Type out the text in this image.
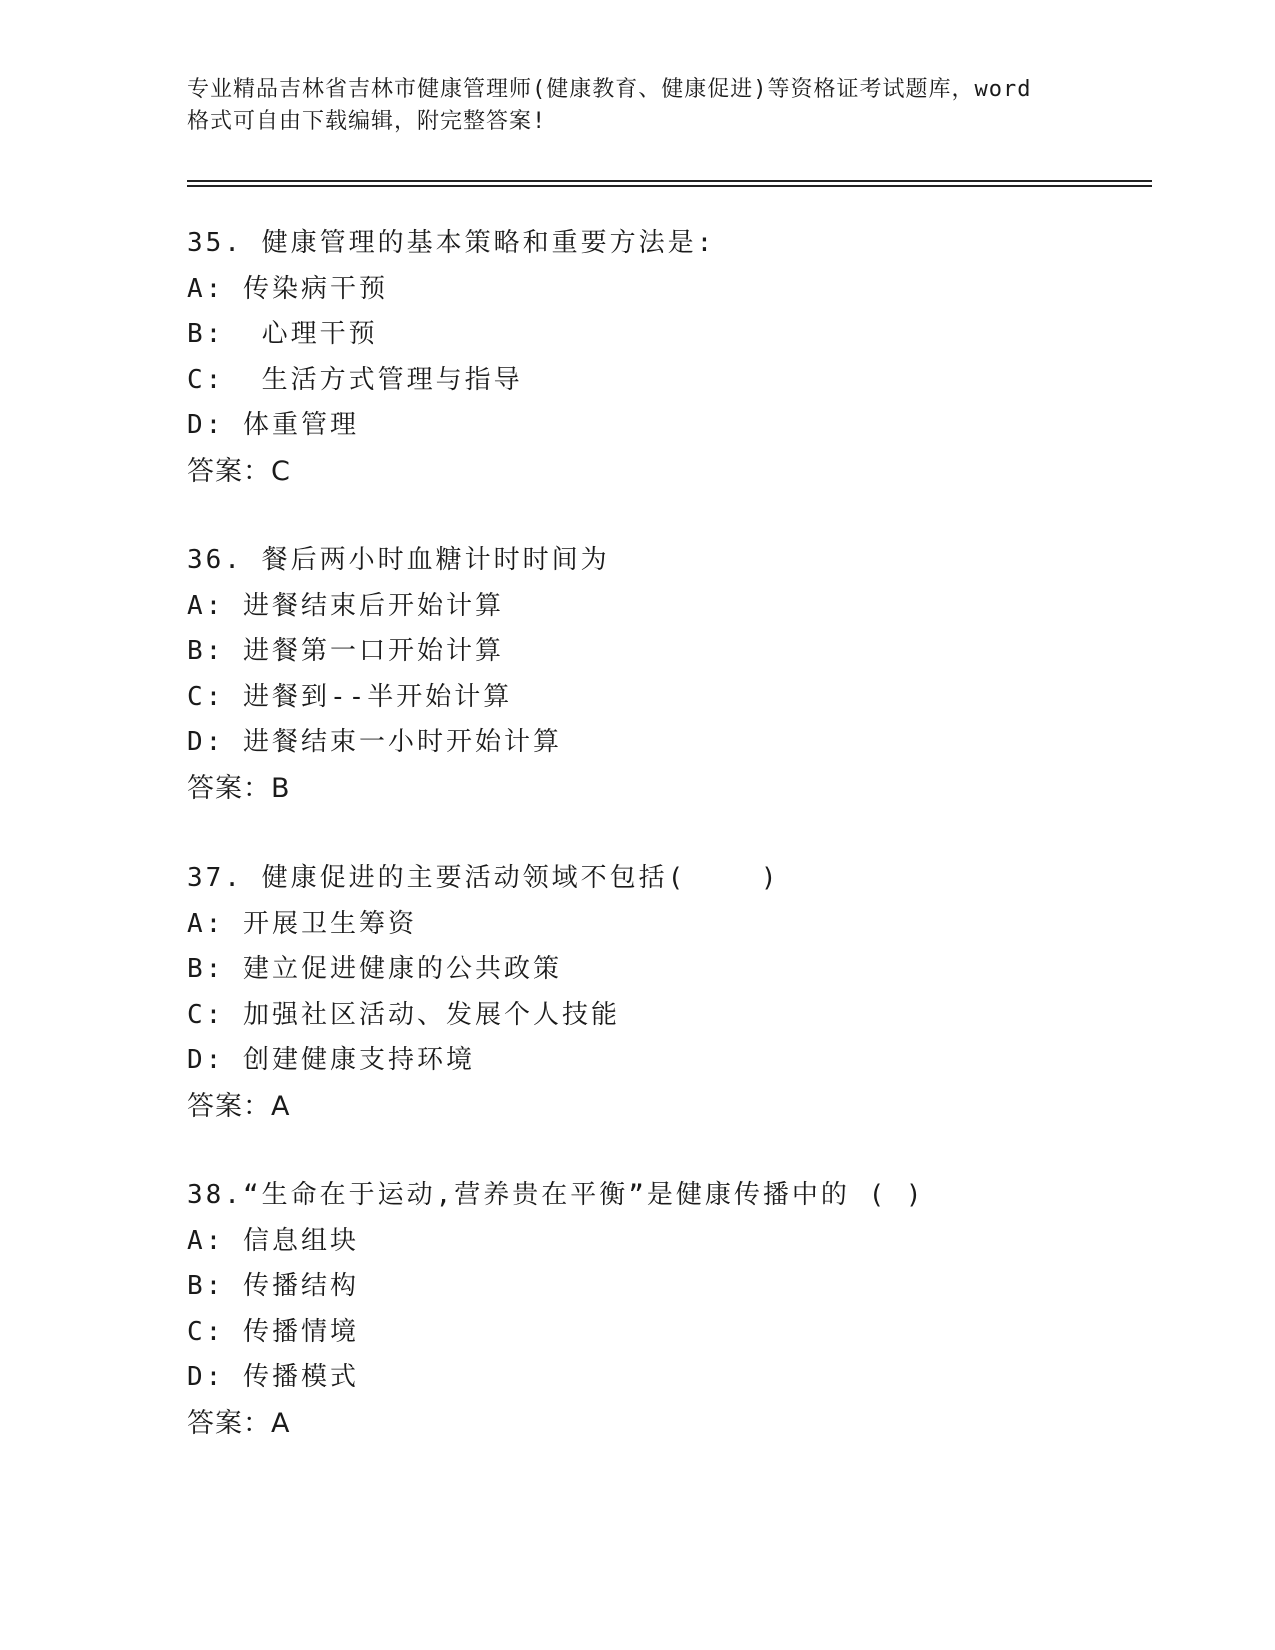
专业精品吉林省吉林市健康管理师(健康教育、健康促进)等资格证考试题库，word
格式可自由下载编辑，附完整答案!
35. 健康管理的基本策略和重要方法是:
A: 传染病干预
B:  心理干预
C:  生活方式管理与指导
D: 体重管理
答案：C
36. 餐后两小时血糖计时时间为
A: 进餐结束后开始计算
B: 进餐第一口开始计算
C: 进餐到--半开始计算
D: 进餐结束一小时开始计算
答案：B
37. 健康促进的主要活动领域不包括(    )
A: 开展卫生筹资
B: 建立促进健康的公共政策
C: 加强社区活动、发展个人技能
D: 创建健康支持环境
答案：A
38.“生命在于运动,营养贵在平衡”是健康传播中的 ( )
A: 信息组块
B: 传播结构
C: 传播情境
D: 传播模式
答案：A
